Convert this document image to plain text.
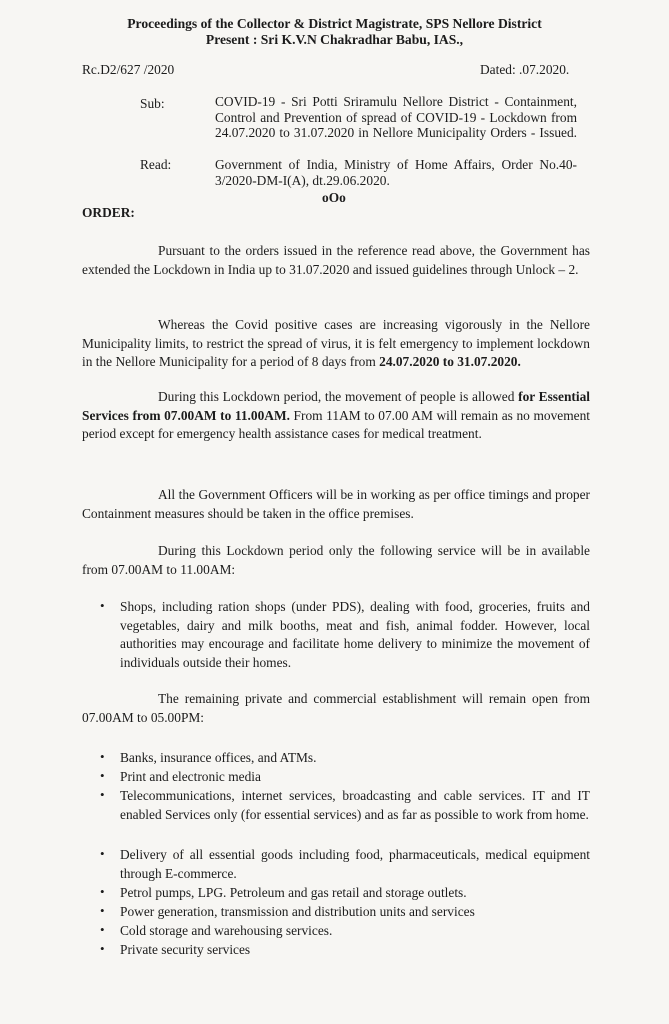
Proceedings of the Collector & District Magistrate, SPS Nellore District
Present : Sri K.V.N Chakradhar Babu, IAS.,
Rc.D2/627 /2020	Dated: .07.2020.
Sub:	COVID-19 - Sri Potti Sriramulu Nellore District - Containment, Control and Prevention of spread of COVID-19 - Lockdown from 24.07.2020 to 31.07.2020 in Nellore Municipality Orders - Issued.
Read:	Government of India, Ministry of Home Affairs, Order No.40-3/2020-DM-I(A), dt.29.06.2020.
oOo
ORDER:
Pursuant to the orders issued in the reference read above, the Government has extended the Lockdown in India up to 31.07.2020 and issued guidelines through Unlock – 2.
Whereas the Covid positive cases are increasing vigorously in the Nellore Municipality limits, to restrict the spread of virus, it is felt emergency to implement lockdown in the Nellore Municipality for a period of 8 days from 24.07.2020 to 31.07.2020.
During this Lockdown period, the movement of people is allowed for Essential Services from 07.00AM to 11.00AM. From 11AM to 07.00 AM will remain as no movement period except for emergency health assistance cases for medical treatment.
All the Government Officers will be in working as per office timings and proper Containment measures should be taken in the office premises.
During this Lockdown period only the following service will be in available from 07.00AM to 11.00AM:
• Shops, including ration shops (under PDS), dealing with food, groceries, fruits and vegetables, dairy and milk booths, meat and fish, animal fodder. However, local authorities may encourage and facilitate home delivery to minimize the movement of individuals outside their homes.
The remaining private and commercial establishment will remain open from 07.00AM to 05.00PM:
• Banks, insurance offices, and ATMs.
• Print and electronic media
• Telecommunications, internet services, broadcasting and cable services. IT and IT enabled Services only (for essential services) and as far as possible to work from home.
• Delivery of all essential goods including food, pharmaceuticals, medical equipment through E-commerce.
• Petrol pumps, LPG. Petroleum and gas retail and storage outlets.
• Power generation, transmission and distribution units and services
• Cold storage and warehousing services.
• Private security services
